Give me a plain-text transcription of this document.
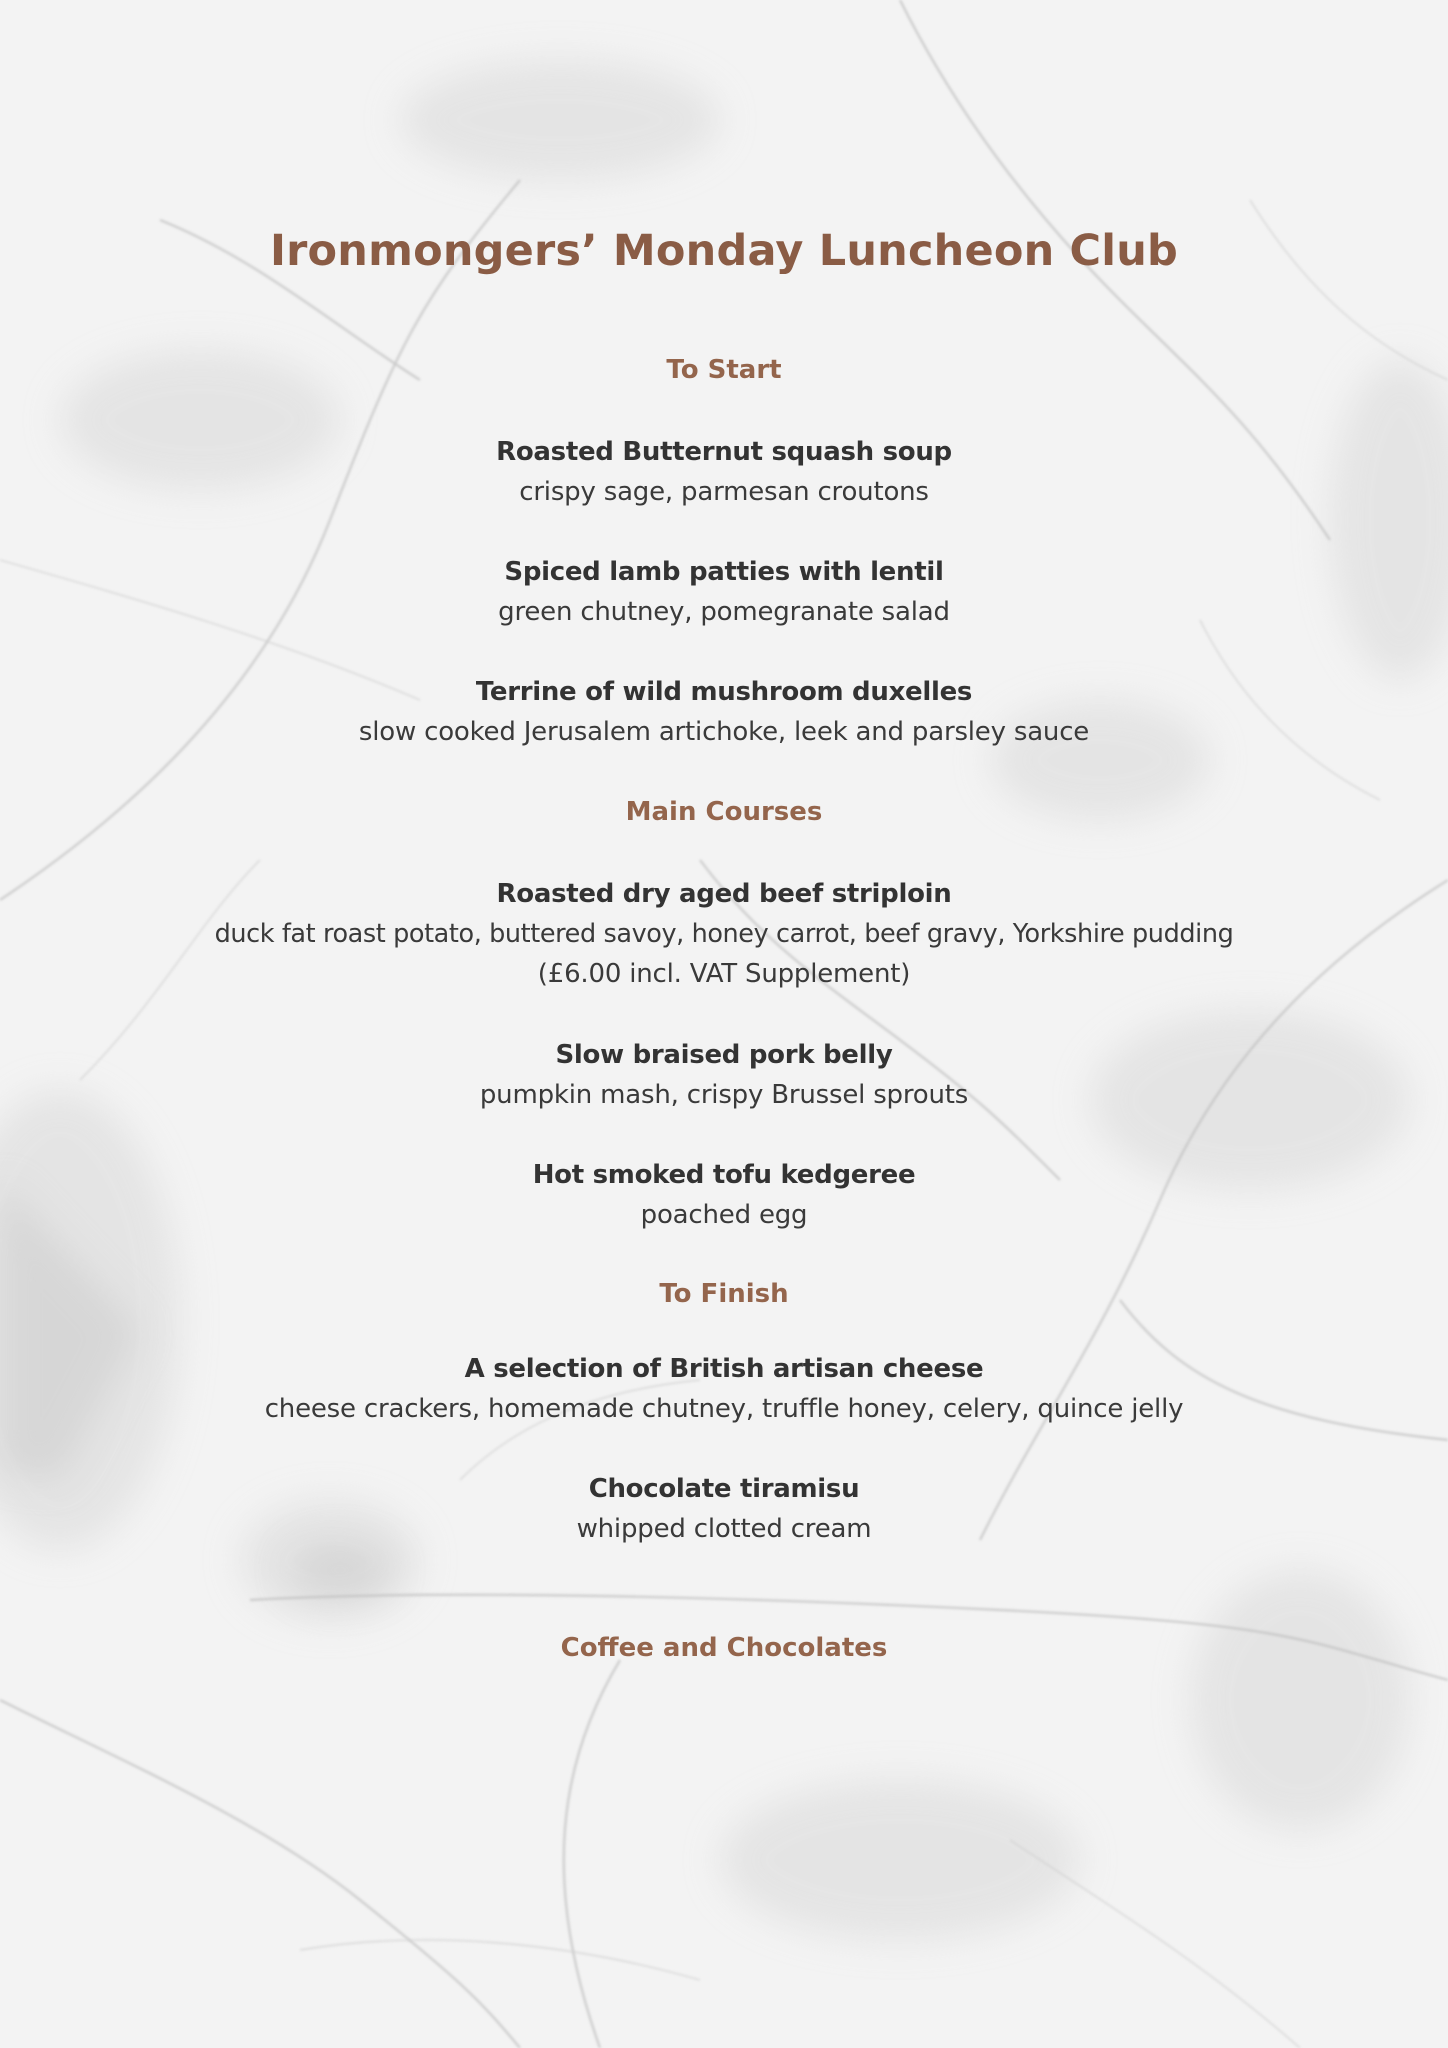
Ironmongers’ Monday Luncheon Club
To Start
Roasted Butternut squash soup
crispy sage, parmesan croutons
Spiced lamb patties with lentil
green chutney, pomegranate salad
Terrine of wild mushroom duxelles
slow cooked Jerusalem artichoke, leek and parsley sauce
Main Courses
Roasted dry aged beef striploin
duck fat roast potato, buttered savoy, honey carrot, beef gravy, Yorkshire pudding
(£6.00 incl. VAT Supplement)
Slow braised pork belly
pumpkin mash, crispy Brussel sprouts
Hot smoked tofu kedgeree
poached egg
To Finish
A selection of British artisan cheese
cheese crackers, homemade chutney, truffle honey, celery, quince jelly
Chocolate tiramisu
whipped clotted cream
Coffee and Chocolates
